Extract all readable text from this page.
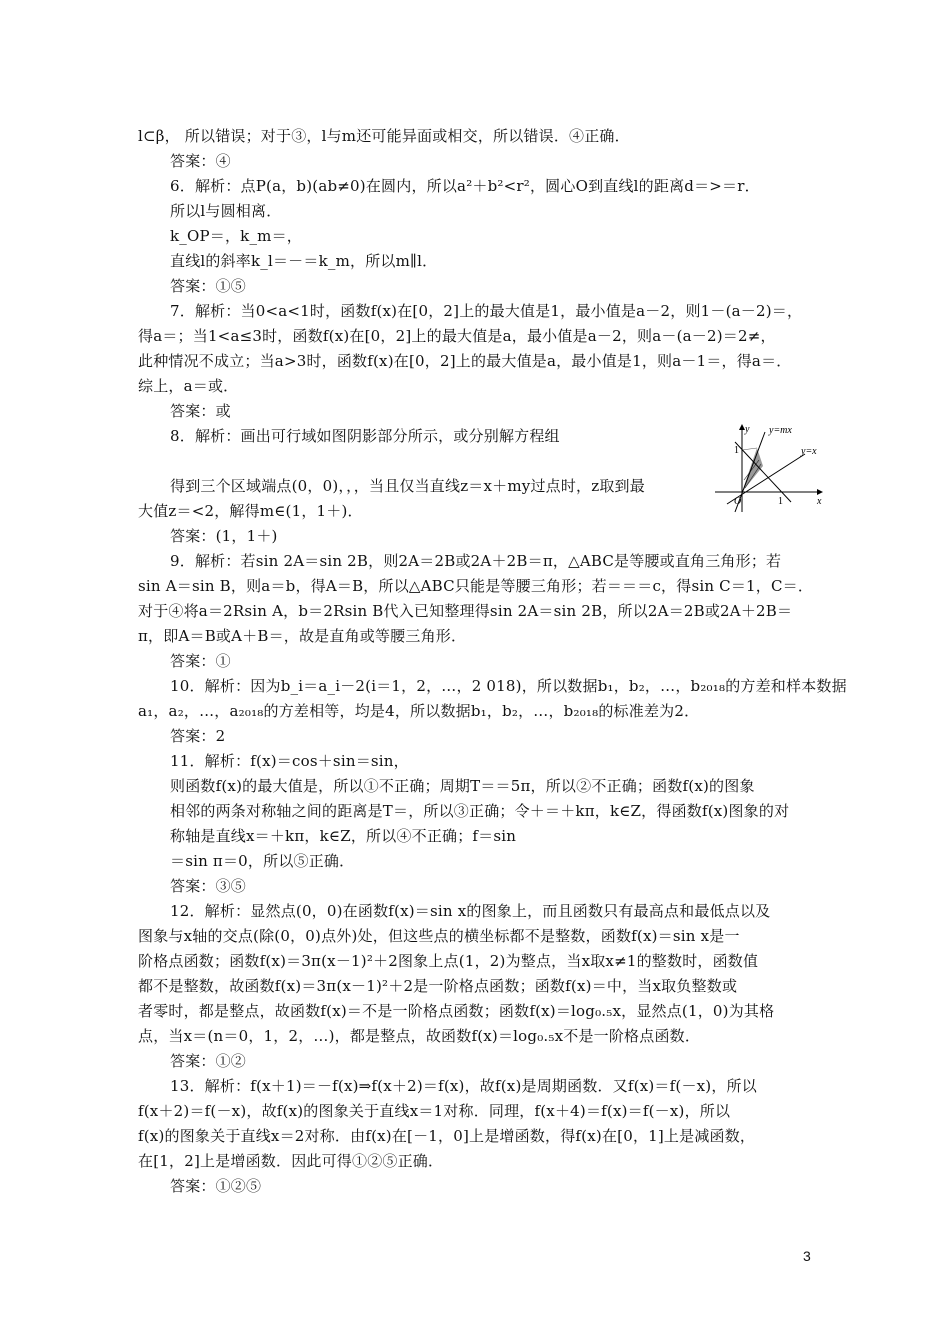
l⊂β， 所以错误；对于③，l与m还可能异面或相交，所以错误．④正确．
答案：④
6．解析：点P(a，b)(ab≠0)在圆内，所以a²＋b²<r²，圆心O到直线l的距离d＝>＝r．
所以l与圆相离．
k_OP＝，k_m＝，
直线l的斜率k_l＝－＝k_m，所以m∥l．
答案：①⑤
7．解析：当0<a<1时，函数f(x)在[0，2]上的最大值是1，最小值是a－2，则1－(a－2)＝，
得a＝；当1<a≤3时，函数f(x)在[0，2]上的最大值是a，最小值是a－2，则a－(a－2)＝2≠，
此种情况不成立；当a>3时，函数f(x)在[0，2]上的最大值是a，最小值是1，则a－1＝，得a＝．
综上，a＝或．
答案：或
8．解析：画出可行域如图阴影部分所示，或分别解方程组
得到三个区域端点(0，0)，，，当且仅当直线z＝x＋my过点时，z取到最
大值z＝<2，解得m∈(1，1＋)．
答案：(1，1＋)
9．解析：若sin 2A＝sin 2B，则2A＝2B或2A＋2B＝π，△ABC是等腰或直角三角形；若
sin A＝sin B，则a＝b，得A＝B，所以△ABC只能是等腰三角形；若＝＝＝c，得sin C＝1，C＝．
对于④将a＝2Rsin A，b＝2Rsin B代入已知整理得sin 2A＝sin 2B，所以2A＝2B或2A＋2B＝
π，即A＝B或A＋B＝，故是直角或等腰三角形．
答案：①
10．解析：因为b_i＝a_i－2(i＝1，2，…，2 018)，所以数据b₁，b₂，…，b₂₀₁₈的方差和样本数据
a₁，a₂，…，a₂₀₁₈的方差相等，均是4，所以数据b₁，b₂，…，b₂₀₁₈的标准差为2．
答案：2
11．解析：f(x)＝cos＋sin＝sin，
则函数f(x)的最大值是，所以①不正确；周期T＝＝5π，所以②不正确；函数f(x)的图象
相邻的两条对称轴之间的距离是T＝，所以③正确；令＋＝＋kπ，k∈Z，得函数f(x)图象的对
称轴是直线x＝＋kπ，k∈Z，所以④不正确；f＝sin
＝sin π＝0，所以⑤正确．
答案：③⑤
12．解析：显然点(0，0)在函数f(x)＝sin x的图象上，而且函数只有最高点和最低点以及
图象与x轴的交点(除(0，0)点外)处，但这些点的横坐标都不是整数，函数f(x)＝sin x是一
阶格点函数；函数f(x)＝3π(x－1)²＋2图象上点(1，2)为整点，当x取x≠1的整数时，函数值
都不是整数，故函数f(x)＝3π(x－1)²＋2是一阶格点函数；函数f(x)＝中，当x取负整数或
者零时，都是整点，故函数f(x)＝不是一阶格点函数；函数f(x)＝log₀.₅x，显然点(1，0)为其格
点，当x＝(n＝0，1，2，…)，都是整点，故函数f(x)＝log₀.₅x不是一阶格点函数．
答案：①②
13．解析：f(x＋1)＝－f(x)⇒f(x＋2)＝f(x)，故f(x)是周期函数．又f(x)＝f(－x)，所以
f(x＋2)＝f(－x)，故f(x)的图象关于直线x＝1对称．同理，f(x＋4)＝f(x)＝f(－x)，所以
f(x)的图象关于直线x＝2对称．由f(x)在[－1，0]上是增函数，得f(x)在[0，1]上是减函数，
在[1，2]上是增函数．因此可得①②⑤正确．
答案：①②⑤
y
x
O	1
1
y=mx
y=x
3
